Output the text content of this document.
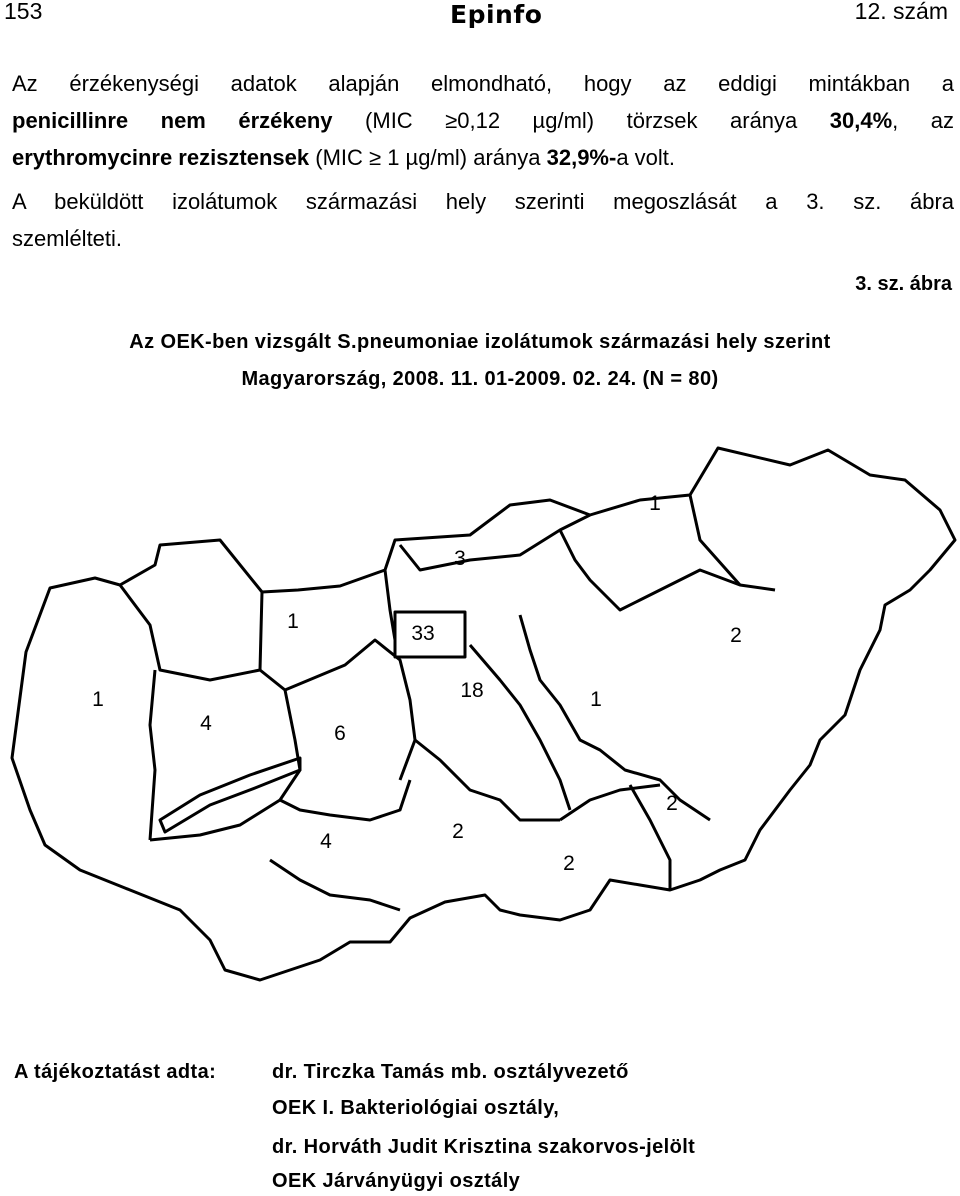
153	Epinfo	12. szám
Az érzékenységi adatok alapján elmondható, hogy az eddigi mintákban a
penicillinre nem érzékeny (MIC ≥0,12 µg/ml) törzsek aránya 30,4%, az
erythromycinre rezisztensek (MIC ≥ 1 µg/ml) aránya 32,9%-a volt.
A beküldött izolátumok származási hely szerinti megoszlását a 3. sz. ábra
szemlélteti.
3. sz. ábra
Az OEK-ben vizsgált S.pneumoniae izolátumok származási hely szerint
Magyarország, 2008. 11. 01-2009. 02. 24. (N = 80)
1
3
1
33	2
1
4	6
18	1
2
4	2
2
A tájékoztatást adta:	dr. Tirczka Tamás mb. osztályvezető
OEK I. Bakteriológiai osztály,
dr. Horváth Judit Krisztina szakorvos-jelölt
OEK Járványügyi osztály
